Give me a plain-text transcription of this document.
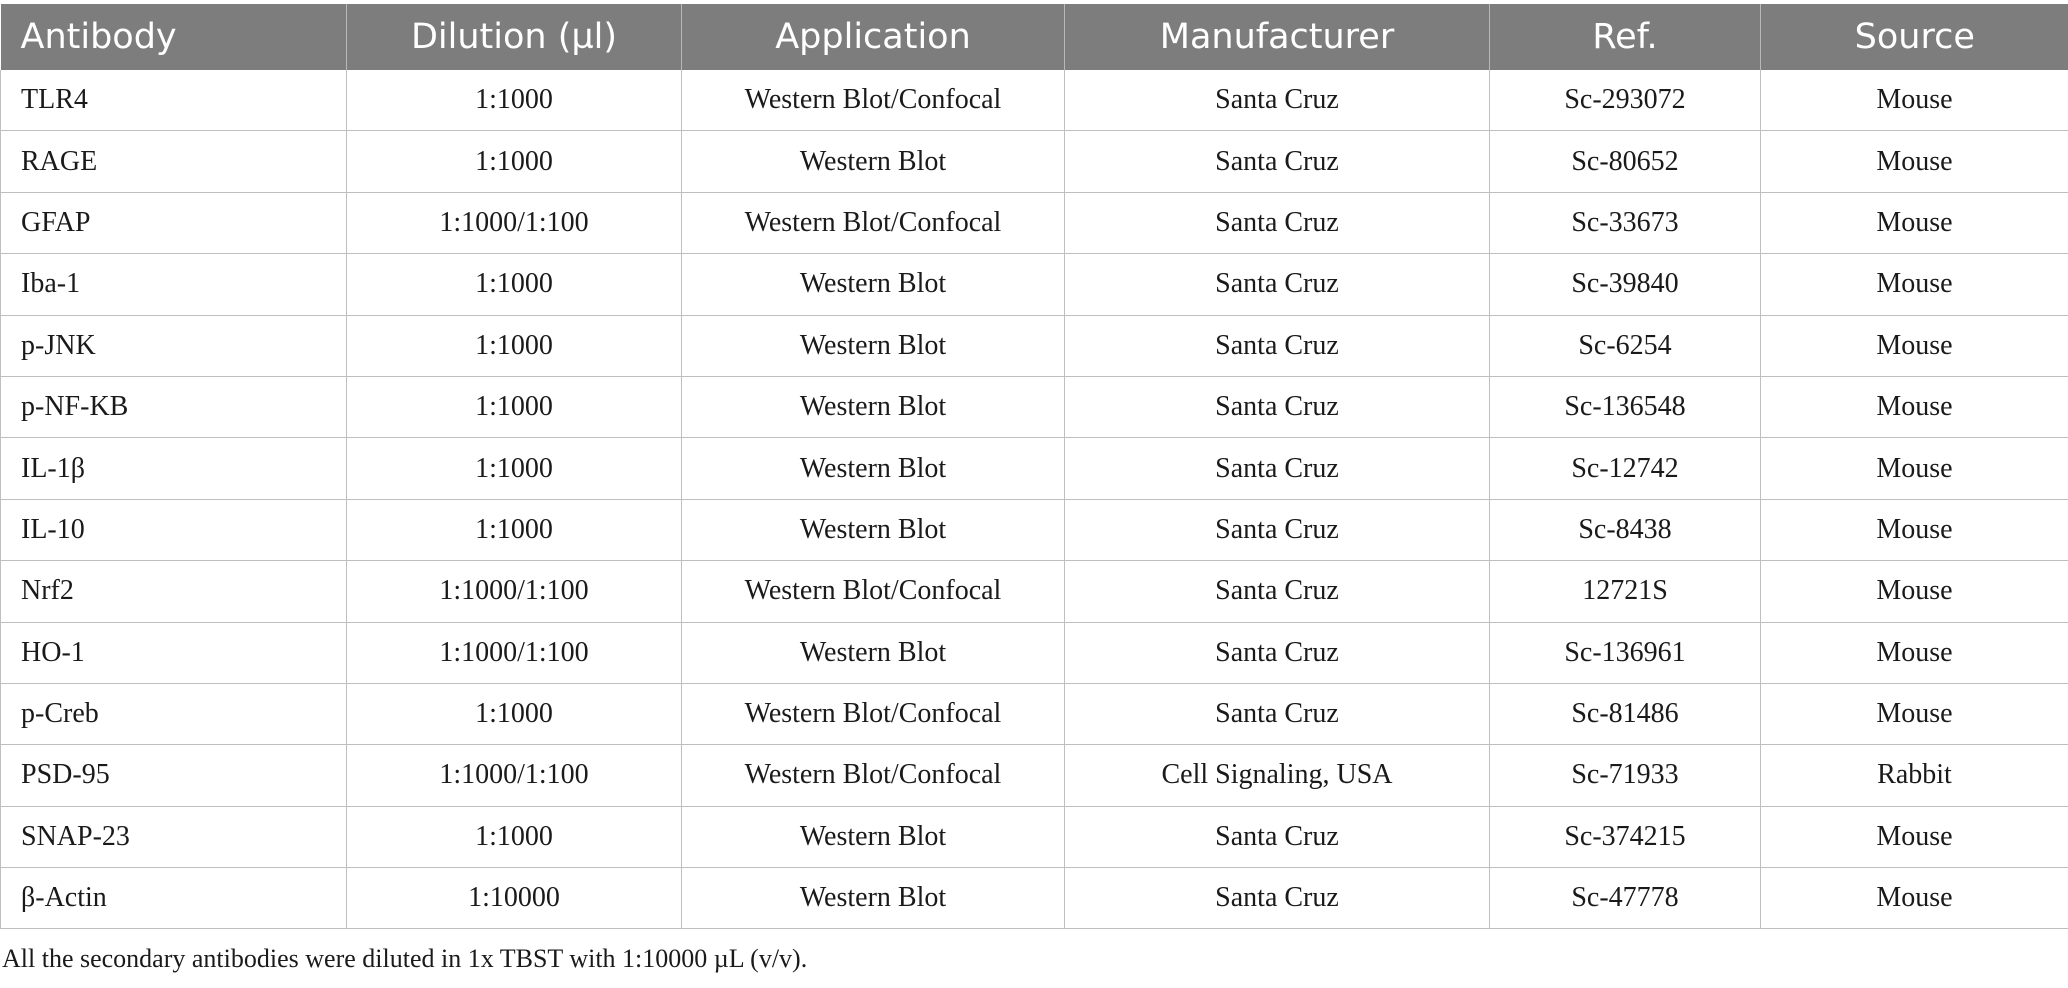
Antibody	Dilution (µl)	Application	Manufacturer	Ref.	Source
TLR4	1:1000	Western Blot/Confocal	Santa Cruz	Sc-293072	Mouse
RAGE	1:1000	Western Blot	Santa Cruz	Sc-80652	Mouse
GFAP	1:1000/1:100	Western Blot/Confocal	Santa Cruz	Sc-33673	Mouse
Iba-1	1:1000	Western Blot	Santa Cruz	Sc-39840	Mouse
p-JNK	1:1000	Western Blot	Santa Cruz	Sc-6254	Mouse
p-NF-KB	1:1000	Western Blot	Santa Cruz	Sc-136548	Mouse
IL-1β	1:1000	Western Blot	Santa Cruz	Sc-12742	Mouse
IL-10	1:1000	Western Blot	Santa Cruz	Sc-8438	Mouse
Nrf2	1:1000/1:100	Western Blot/Confocal	Santa Cruz	12721S	Mouse
HO-1	1:1000/1:100	Western Blot	Santa Cruz	Sc-136961	Mouse
p-Creb	1:1000	Western Blot/Confocal	Santa Cruz	Sc-81486	Mouse
PSD-95	1:1000/1:100	Western Blot/Confocal	Cell Signaling, USA	Sc-71933	Rabbit
SNAP-23	1:1000	Western Blot	Santa Cruz	Sc-374215	Mouse
β-Actin	1:10000	Western Blot	Santa Cruz	Sc-47778	Mouse
All the secondary antibodies were diluted in 1x TBST with 1:10000 µL (v/v).
